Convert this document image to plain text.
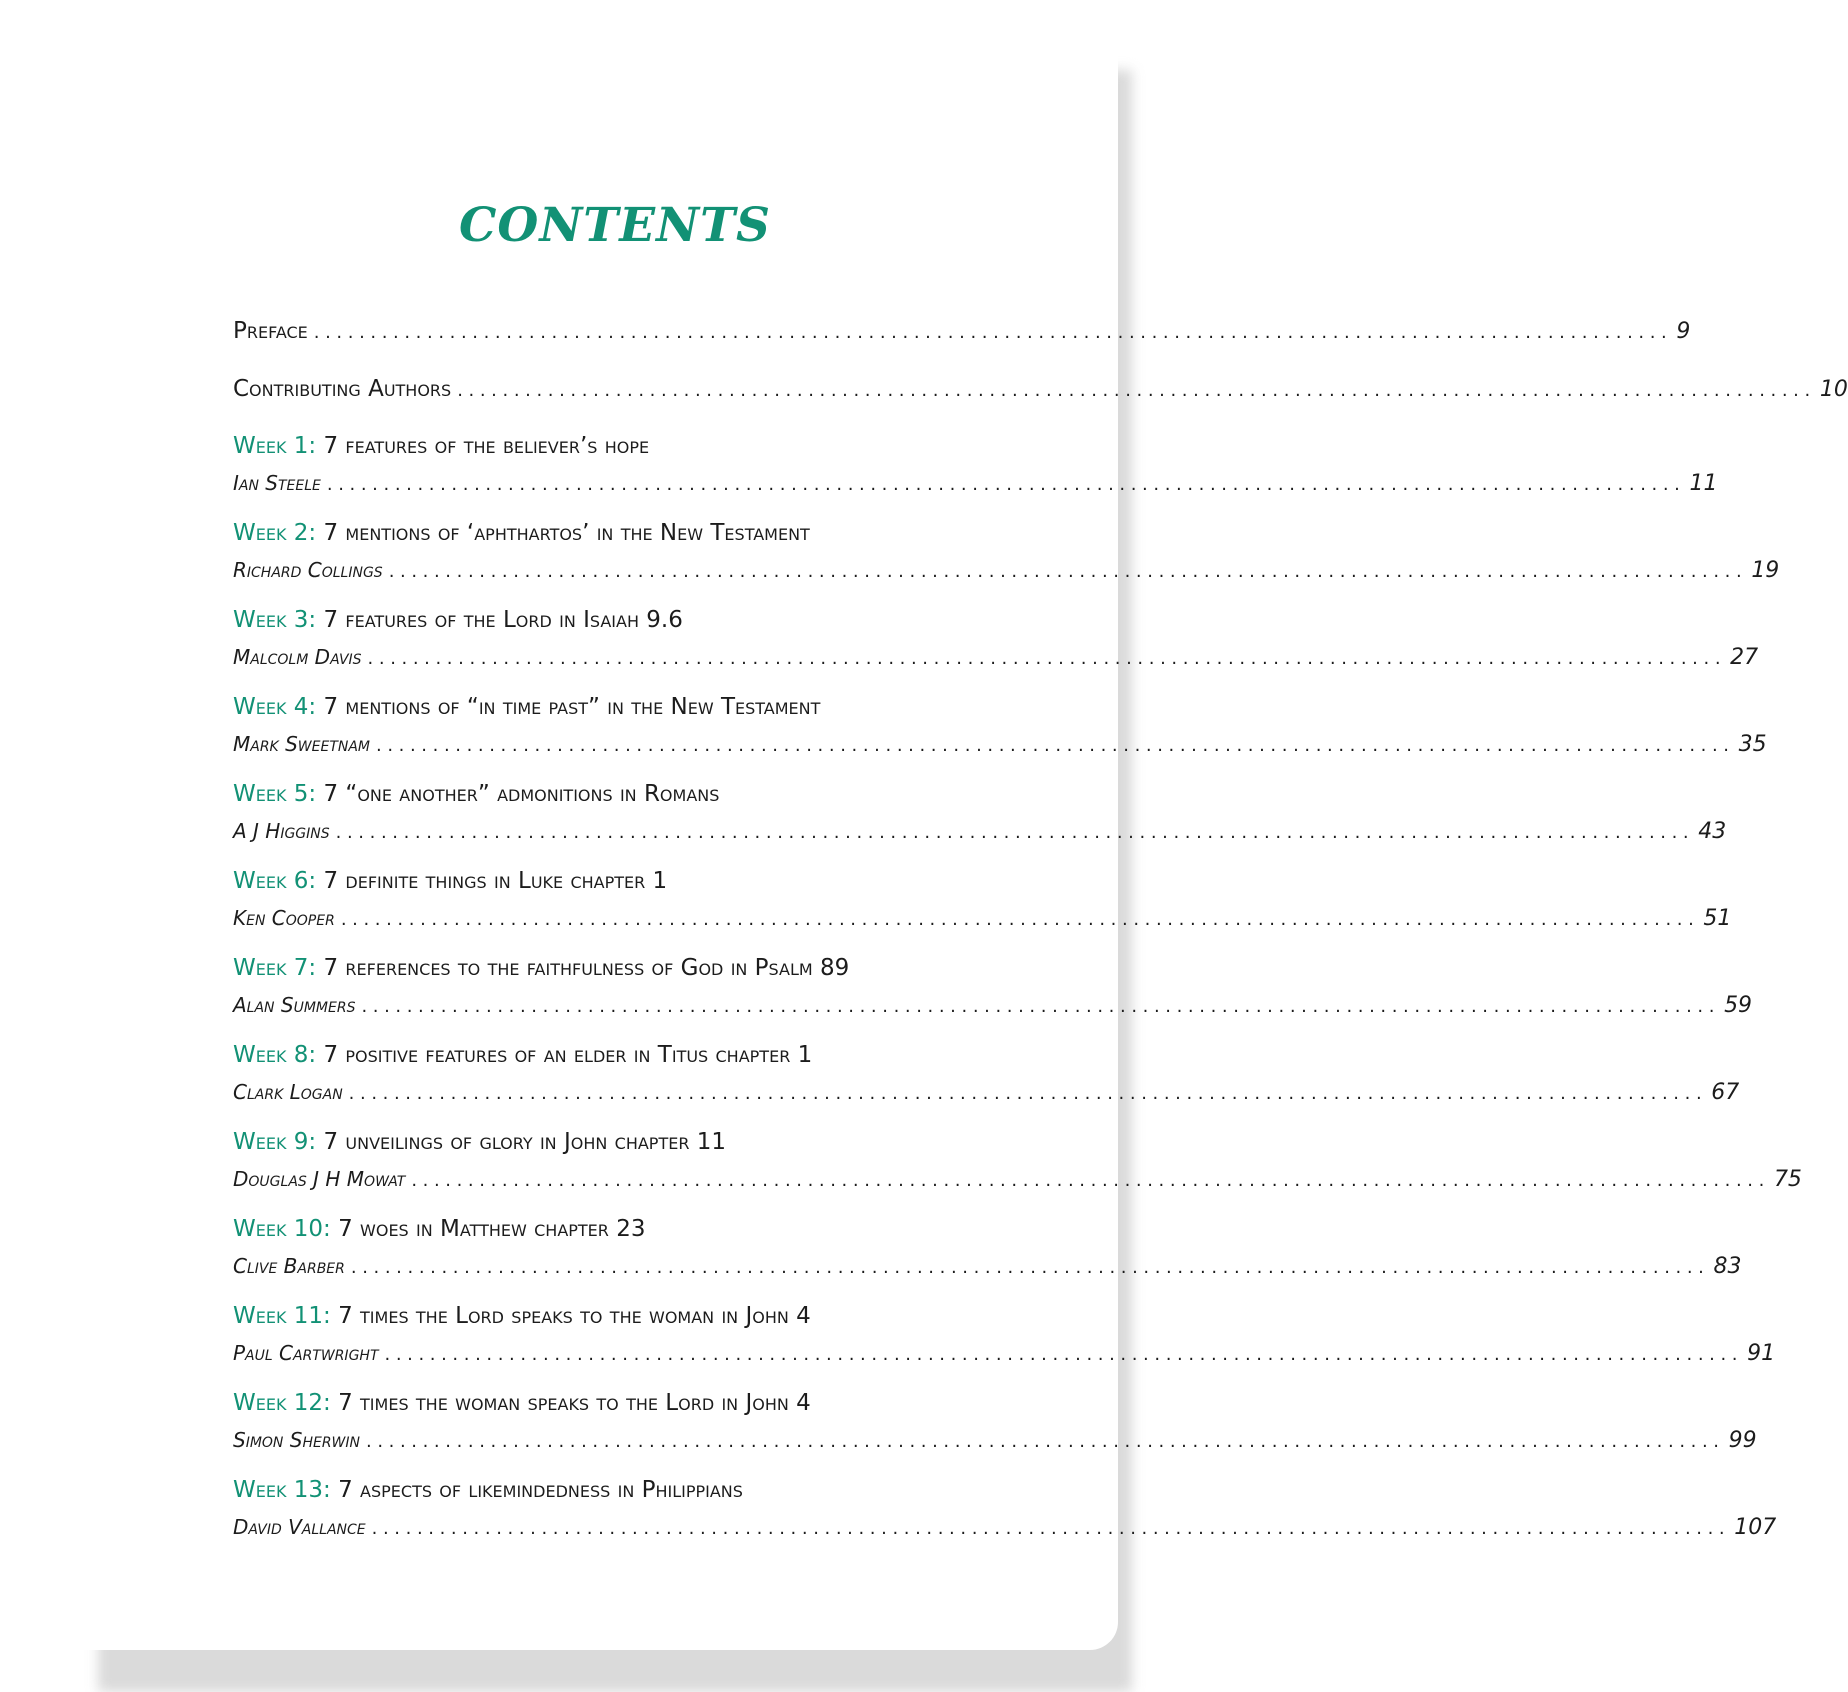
CONTENTS
Preface ........................................................................................................................ 9
Contributing Authors ........................................................................................................................ 10
Week 1: 7 features of the believer’s hope
Ian Steele ........................................................................................................................ 11
Week 2: 7 mentions of ‘aphthartos’ in the New Testament
Richard Collings ........................................................................................................................ 19
Week 3: 7 features of the Lord in Isaiah 9.6
Malcolm Davis ........................................................................................................................ 27
Week 4: 7 mentions of “in time past” in the New Testament
Mark Sweetnam ........................................................................................................................ 35
Week 5: 7 “one another” admonitions in Romans
A J Higgins ........................................................................................................................ 43
Week 6: 7 definite things in Luke chapter 1
Ken Cooper ........................................................................................................................ 51
Week 7: 7 references to the faithfulness of God in Psalm 89
Alan Summers ........................................................................................................................ 59
Week 8: 7 positive features of an elder in Titus chapter 1
Clark Logan ........................................................................................................................ 67
Week 9: 7 unveilings of glory in John chapter 11
Douglas J H Mowat ........................................................................................................................ 75
Week 10: 7 woes in Matthew chapter 23
Clive Barber ........................................................................................................................ 83
Week 11: 7 times the Lord speaks to the woman in John 4
Paul Cartwright ........................................................................................................................ 91
Week 12: 7 times the woman speaks to the Lord in John 4
Simon Sherwin ........................................................................................................................ 99
Week 13: 7 aspects of likemindedness in Philippians
David Vallance ........................................................................................................................ 107
